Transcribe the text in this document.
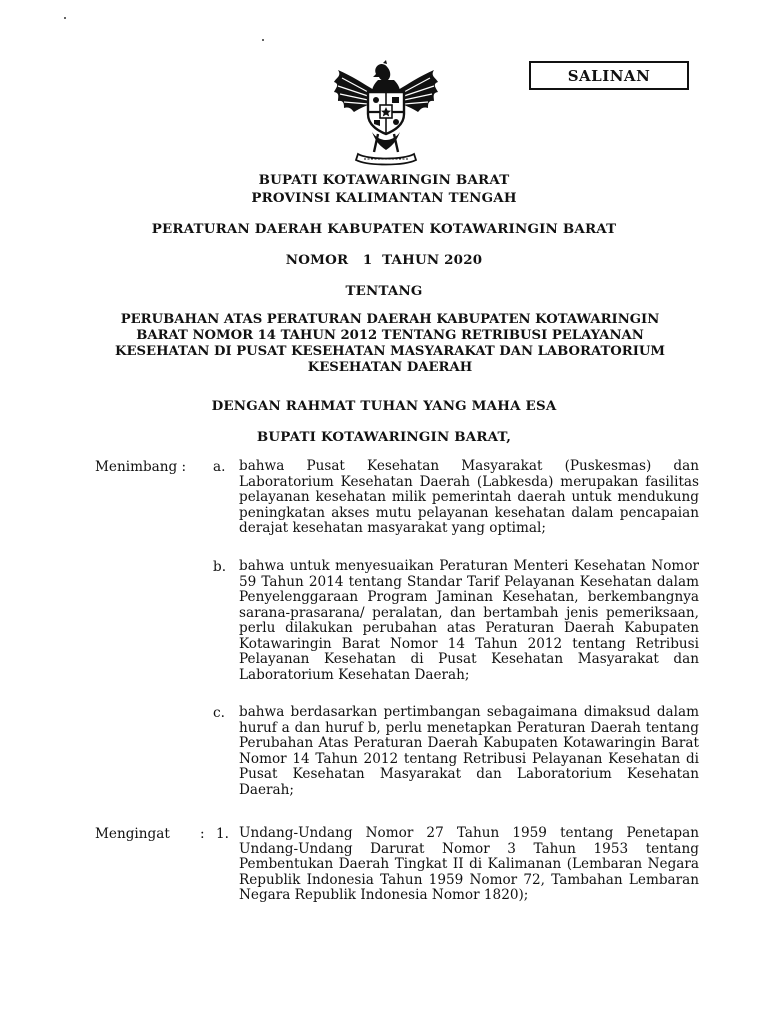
SALINAN
BUPATI KOTAWARINGIN BARAT
PROVINSI KALIMANTAN TENGAH
PERATURAN DAERAH KABUPATEN KOTAWARINGIN BARAT
NOMOR   1  TAHUN 2020
TENTANG
PERUBAHAN ATAS PERATURAN DAERAH KABUPATEN KOTAWARINGIN BARAT NOMOR 14 TAHUN 2012 TENTANG RETRIBUSI PELAYANAN KESEHATAN DI PUSAT KESEHATAN MASYARAKAT DAN LABORATORIUM KESEHATAN DAERAH
DENGAN RAHMAT TUHAN YANG MAHA ESA
BUPATI KOTAWARINGIN BARAT,
Menimbang : a. bahwa Pusat Kesehatan Masyarakat (Puskesmas) dan Laboratorium Kesehatan Daerah (Labkesda) merupakan fasilitas pelayanan kesehatan milik pemerintah daerah untuk mendukung peningkatan akses mutu pelayanan kesehatan dalam pencapaian derajat kesehatan masyarakat yang optimal;
b. bahwa untuk menyesuaikan Peraturan Menteri Kesehatan Nomor 59 Tahun 2014 tentang Standar Tarif Pelayanan Kesehatan dalam Penyelenggaraan Program Jaminan Kesehatan, berkembangnya sarana-prasarana/ peralatan, dan bertambah jenis pemeriksaan, perlu dilakukan perubahan atas Peraturan Daerah Kabupaten Kotawaringin Barat Nomor 14 Tahun 2012 tentang Retribusi Pelayanan Kesehatan di Pusat Kesehatan Masyarakat dan Laboratorium Kesehatan Daerah;
c. bahwa berdasarkan pertimbangan sebagaimana dimaksud dalam huruf a dan huruf b, perlu menetapkan Peraturan Daerah tentang Perubahan Atas Peraturan Daerah Kabupaten Kotawaringin Barat Nomor 14 Tahun 2012 tentang Retribusi Pelayanan Kesehatan di Pusat Kesehatan Masyarakat dan Laboratorium Kesehatan Daerah;
Mengingat : 1. Undang-Undang Nomor 27 Tahun 1959 tentang Penetapan Undang-Undang Darurat Nomor 3 Tahun 1953 tentang Pembentukan Daerah Tingkat II di Kalimanan (Lembaran Negara Republik Indonesia Tahun 1959 Nomor 72, Tambahan Lembaran Negara Republik Indonesia Nomor 1820);
